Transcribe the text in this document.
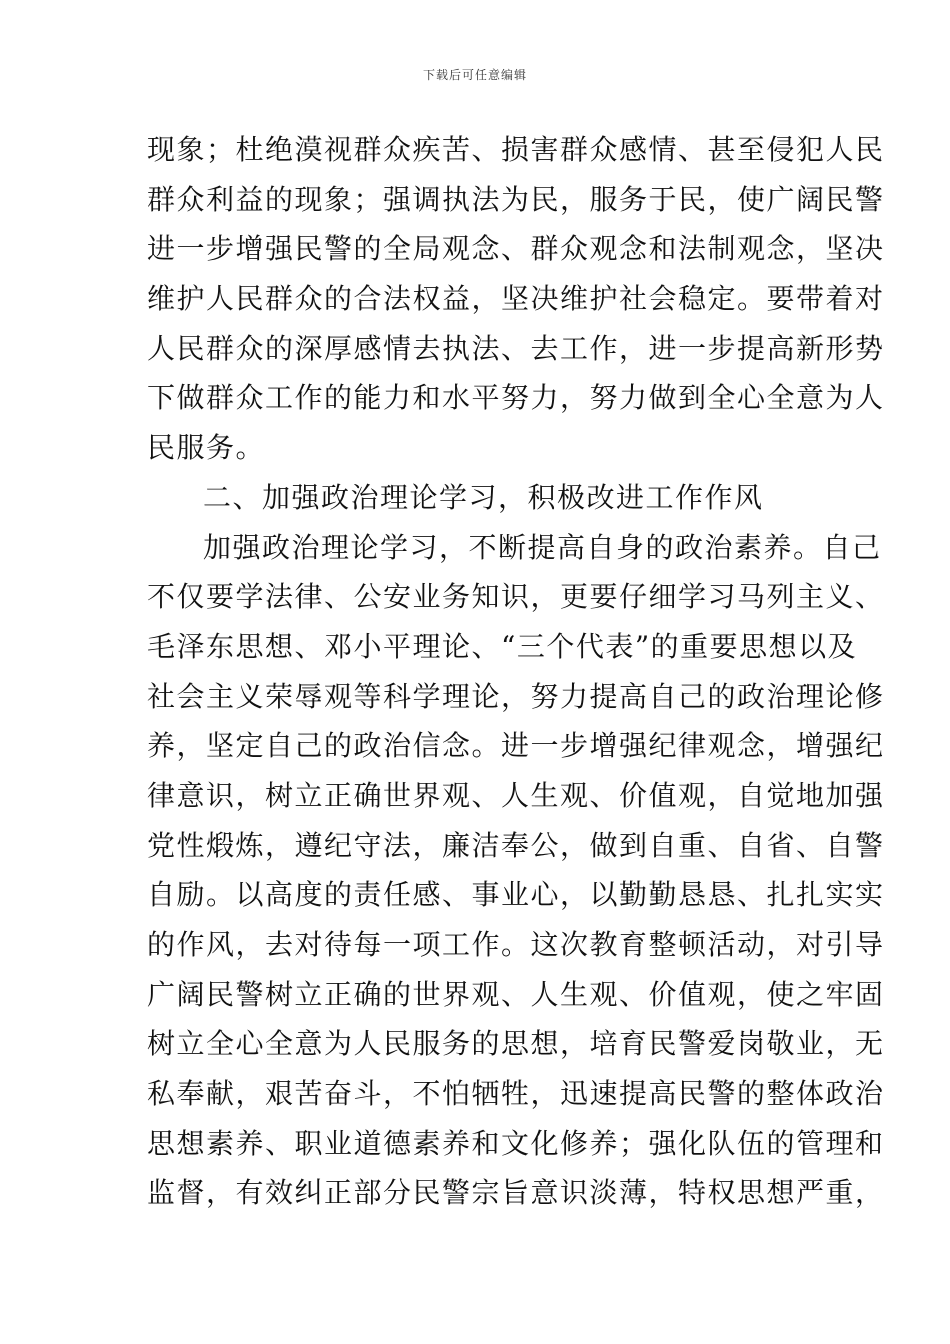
下载后可任意编辑
现象；杜绝漠视群众疾苦、损害群众感情、甚至侵犯人民
群众利益的现象；强调执法为民，服务于民，使广阔民警
进一步增强民警的全局观念、群众观念和法制观念，坚决
维护人民群众的合法权益，坚决维护社会稳定。要带着对
人民群众的深厚感情去执法、去工作，进一步提高新形势
下做群众工作的能力和水平努力，努力做到全心全意为人
民服务。
二、加强政治理论学习，积极改进工作作风
加强政治理论学习，不断提高自身的政治素养。自己
不仅要学法律、公安业务知识，更要仔细学习马列主义、
毛泽东思想、邓小平理论、“三个代表”的重要思想以及
社会主义荣辱观等科学理论，努力提高自己的政治理论修
养，坚定自己的政治信念。进一步增强纪律观念，增强纪
律意识，树立正确世界观、人生观、价值观，自觉地加强
党性煅炼，遵纪守法，廉洁奉公，做到自重、自省、自警
自励。以高度的责任感、事业心，以勤勤恳恳、扎扎实实
的作风，去对待每一项工作。这次教育整顿活动，对引导
广阔民警树立正确的世界观、人生观、价值观，使之牢固
树立全心全意为人民服务的思想，培育民警爱岗敬业，无
私奉献，艰苦奋斗，不怕牺牲，迅速提高民警的整体政治
思想素养、职业道德素养和文化修养；强化队伍的管理和
监督，有效纠正部分民警宗旨意识淡薄，特权思想严重，
